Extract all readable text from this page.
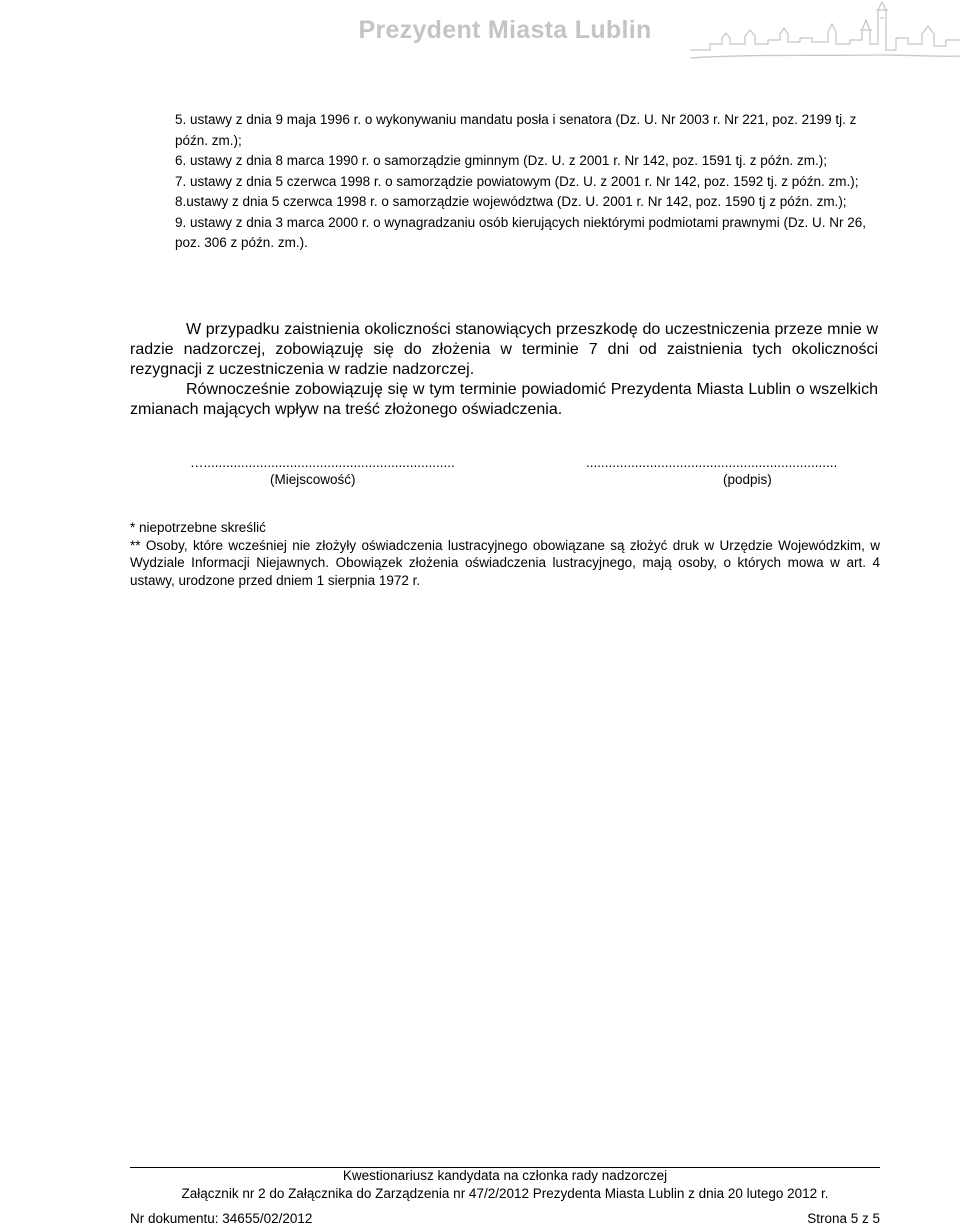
Prezydent Miasta Lublin

5. ustawy z dnia 9 maja 1996 r. o wykonywaniu mandatu posła i senatora (Dz. U. Nr 2003 r. Nr 221, poz. 2199 tj. z późn. zm.);

6. ustawy z dnia 8 marca 1990 r. o samorządzie gminnym (Dz. U. z 2001 r. Nr 142, poz. 1591 tj. z późn. zm.);

7. ustawy z dnia 5 czerwca 1998 r. o samorządzie powiatowym (Dz. U. z 2001 r. Nr 142, poz. 1592 tj. z późn. zm.);

8.ustawy z dnia 5 czerwca 1998 r. o samorządzie województwa (Dz. U. 2001 r. Nr 142, poz. 1590 tj z późn. zm.);

9. ustawy z dnia 3 marca 2000 r. o wynagradzaniu osób kierujących niektórymi podmiotami prawnymi (Dz. U. Nr 26, poz. 306 z późn. zm.).

W przypadku zaistnienia okoliczności stanowiących przeszkodę do uczestniczenia przeze mnie w radzie nadzorczej, zobowiązuję się do złożenia w terminie 7 dni od zaistnienia tych okoliczności rezygnacji z uczestniczenia w radzie nadzorczej.

Równocześnie zobowiązuję się w tym terminie powiadomić Prezydenta Miasta Lublin o wszelkich zmianach mających wpływ na treść złożonego oświadczenia.

…...................................................................
(Miejscowość)
...................................................................
(podpis)

* niepotrzebne skreślić

** Osoby, które wcześniej nie złożyły oświadczenia lustracyjnego obowiązane są złożyć druk w Urzędzie Wojewódzkim, w Wydziale Informacji Niejawnych. Obowiązek złożenia oświadczenia lustracyjnego, mają osoby, o których mowa w art. 4 ustawy, urodzone przed dniem 1 sierpnia 1972 r.

Kwestionariusz kandydata na członka rady nadzorczej
Załącznik nr 2 do Załącznika do Zarządzenia nr 47/2/2012 Prezydenta Miasta Lublin z dnia 20 lutego 2012 r.
Nr dokumentu: 34655/02/2012	Strona 5 z 5
